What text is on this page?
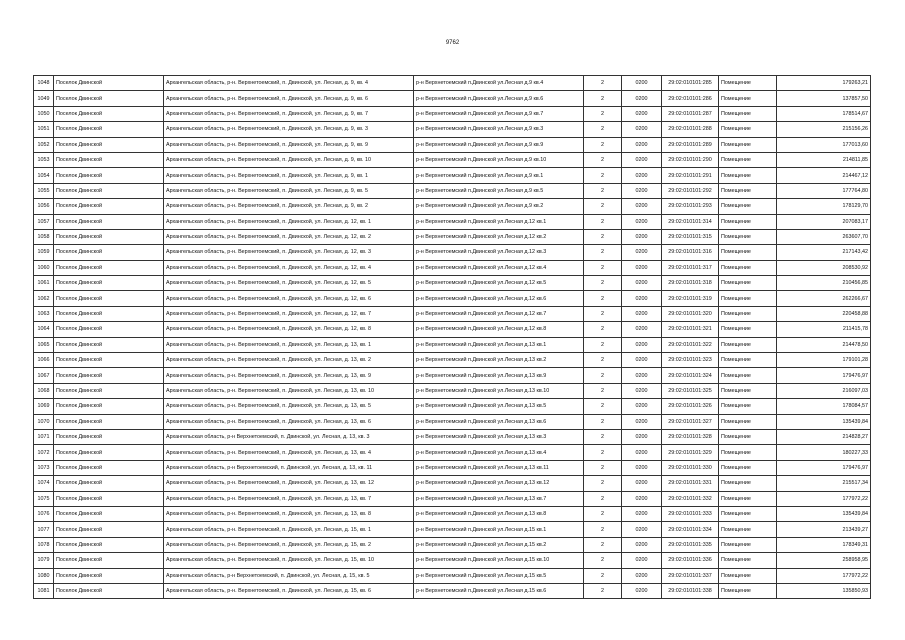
9762
1048	Поселок Двинской	Архангельская область, р-н. Верхнетоемский, п. Двинской, ул. Лесная, д. 9, кв. 4	р-н Верхнетоемский п.Двинской ул.Лесная д.9 кв.4	2	0200	29:02:010101:285	Помещение	179263,21
1049	Поселок Двинской	Архангельская область, р-н. Верхнетоемский, п. Двинской, ул. Лесная, д. 9, кв. 6	р-н Верхнетоемский п.Двинской ул.Лесная д.9 кв.6	2	0200	29:02:010101:286	Помещение	137857,50
1050	Поселок Двинской	Архангельская область, р-н. Верхнетоемский, п. Двинской, ул. Лесная, д. 9, кв. 7	р-н Верхнетоемский п.Двинской ул.Лесная д.9 кв.7	2	0200	29:02:010101:287	Помещение	178514,67
1051	Поселок Двинской	Архангельская область, р-н. Верхнетоемский, п. Двинской, ул. Лесная, д. 9, кв. 3	р-н Верхнетоемский п.Двинской ул.Лесная д.9 кв.3	2	0200	29:02:010101:288	Помещение	215156,26
1052	Поселок Двинской	Архангельская область, р-н. Верхнетоемский, п. Двинской, ул. Лесная, д. 9, кв. 9	р-н Верхнетоемский п.Двинской ул.Лесная д.9 кв.9	2	0200	29:02:010101:289	Помещение	177013,60
1053	Поселок Двинской	Архангельская область, р-н. Верхнетоемский, п. Двинской, ул. Лесная, д. 9, кв. 10	р-н Верхнетоемский п.Двинской ул.Лесная д.9 кв.10	2	0200	29:02:010101:290	Помещение	214811,85
1054	Поселок Двинской	Архангельская область, р-н. Верхнетоемский, п. Двинской, ул. Лесная, д. 9, кв. 1	р-н Верхнетоемский п.Двинской ул.Лесная д.9 кв.1	2	0200	29:02:010101:291	Помещение	214467,12
1055	Поселок Двинской	Архангельская область, р-н. Верхнетоемский, п. Двинской, ул. Лесная, д. 9, кв. 5	р-н Верхнетоемский п.Двинской ул.Лесная д.9 кв.5	2	0200	29:02:010101:292	Помещение	177764,80
1056	Поселок Двинской	Архангельская область, р-н. Верхнетоемский, п. Двинской, ул. Лесная, д. 9, кв. 2	р-н Верхнетоемский п.Двинской ул.Лесная д.9 кв.2	2	0200	29:02:010101:293	Помещение	178129,70
1057	Поселок Двинской	Архангельская область, р-н. Верхнетоемский, п. Двинской, ул. Лесная, д. 12, кв. 1	р-н Верхнетоемский п.Двинской ул.Лесная д.12 кв.1	2	0200	29:02:010101:314	Помещение	207083,17
1058	Поселок Двинской	Архангельская область, р-н. Верхнетоемский, п. Двинской, ул. Лесная, д. 12, кв. 2	р-н Верхнетоемский п.Двинской ул.Лесная д.12 кв.2	2	0200	29:02:010101:315	Помещение	263607,70
1059	Поселок Двинской	Архангельская область, р-н. Верхнетоемский, п. Двинской, ул. Лесная, д. 12, кв. 3	р-н Верхнетоемский п.Двинской ул.Лесная д.12 кв.3	2	0200	29:02:010101:316	Помещение	217143,42
1060	Поселок Двинской	Архангельская область, р-н. Верхнетоемский, п. Двинской, ул. Лесная, д. 12, кв. 4	р-н Верхнетоемский п.Двинской ул.Лесная д.12 кв.4	2	0200	29:02:010101:317	Помещение	208530,92
1061	Поселок Двинской	Архангельская область, р-н. Верхнетоемский, п. Двинской, ул. Лесная, д. 12, кв. 5	р-н Верхнетоемский п.Двинской ул.Лесная д.12 кв.5	2	0200	29:02:010101:318	Помещение	210456,85
1062	Поселок Двинской	Архангельская область, р-н. Верхнетоемский, п. Двинской, ул. Лесная, д. 12, кв. 6	р-н Верхнетоемский п.Двинской ул.Лесная д.12 кв.6	2	0200	29:02:010101:319	Помещение	262266,67
1063	Поселок Двинской	Архангельская область, р-н. Верхнетоемский, п. Двинской, ул. Лесная, д. 12, кв. 7	р-н Верхнетоемский п.Двинской ул.Лесная д.12 кв.7	2	0200	29:02:010101:320	Помещение	220458,88
1064	Поселок Двинской	Архангельская область, р-н. Верхнетоемский, п. Двинской, ул. Лесная, д. 12, кв. 8	р-н Верхнетоемский п.Двинской ул.Лесная д.12 кв.8	2	0200	29:02:010101:321	Помещение	211415,78
1065	Поселок Двинской	Архангельская область, р-н. Верхнетоемский, п. Двинской, ул. Лесная, д. 13, кв. 1	р-н Верхнетоемский п.Двинской ул.Лесная д.13 кв.1	2	0200	29:02:010101:322	Помещение	214478,50
1066	Поселок Двинской	Архангельская область, р-н. Верхнетоемский, п. Двинской, ул. Лесная, д. 13, кв. 2	р-н Верхнетоемский п.Двинской ул.Лесная д.13 кв.2	2	0200	29:02:010101:323	Помещение	179101,28
1067	Поселок Двинской	Архангельская область, р-н. Верхнетоемский, п. Двинской, ул. Лесная, д. 13, кв. 9	р-н Верхнетоемский п.Двинской ул.Лесная д.13 кв.9	2	0200	29:02:010101:324	Помещение	179476,97
1068	Поселок Двинской	Архангельская область, р-н. Верхнетоемский, п. Двинской, ул. Лесная, д. 13, кв. 10	р-н Верхнетоемский п.Двинской ул.Лесная д.13 кв.10	2	0200	29:02:010101:325	Помещение	216097,03
1069	Поселок Двинской	Архангельская область, р-н. Верхнетоемский, п. Двинской, ул. Лесная, д. 13, кв. 5	р-н Верхнетоемский п.Двинской ул.Лесная д.13 кв.5	2	0200	29:02:010101:326	Помещение	178084,57
1070	Поселок Двинской	Архангельская область, р-н. Верхнетоемский, п. Двинской, ул. Лесная, д. 13, кв. 6	р-н Верхнетоемский п.Двинской ул.Лесная д.13 кв.6	2	0200	29:02:010101:327	Помещение	135439,84
1071	Поселок Двинской	Архангельская область, р-н Верхнетоемский, п. Двинской, ул. Лесная, д. 13, кв. 3	р-н Верхнетоемский п.Двинской ул.Лесная д.13 кв.3	2	0200	29:02:010101:328	Помещение	214828,27
1072	Поселок Двинской	Архангельская область, р-н. Верхнетоемский, п. Двинской, ул. Лесная, д. 13, кв. 4	р-н Верхнетоемский п.Двинской ул.Лесная д.13 кв.4	2	0200	29:02:010101:329	Помещение	180227,33
1073	Поселок Двинской	Архангельская область, р-н Верхнетоемский, п. Двинской, ул. Лесная, д. 13, кв. 11	р-н Верхнетоемский п.Двинской ул.Лесная д.13 кв.11	2	0200	29:02:010101:330	Помещение	179476,97
1074	Поселок Двинской	Архангельская область, р-н. Верхнетоемский, п. Двинской, ул. Лесная, д. 13, кв. 12	р-н Верхнетоемский п.Двинской ул.Лесная д.13 кв.12	2	0200	29:02:010101:331	Помещение	215517,34
1075	Поселок Двинской	Архангельская область, р-н. Верхнетоемский, п. Двинской, ул. Лесная, д. 13, кв. 7	р-н Верхнетоемский п.Двинской ул.Лесная д.13 кв.7	2	0200	29:02:010101:332	Помещение	177972,22
1076	Поселок Двинской	Архангельская область, р-н. Верхнетоемский, п. Двинской, ул. Лесная, д. 13, кв. 8	р-н Верхнетоемский п.Двинской ул.Лесная д.13 кв.8	2	0200	29:02:010101:333	Помещение	135439,84
1077	Поселок Двинской	Архангельская область, р-н. Верхнетоемский, п. Двинской, ул. Лесная, д. 15, кв. 1	р-н Верхнетоемский п.Двинской ул.Лесная д.15 кв.1	2	0200	29:02:010101:334	Помещение	213439,27
1078	Поселок Двинской	Архангельская область, р-н. Верхнетоемский, п. Двинской, ул. Лесная, д. 15, кв. 2	р-н Верхнетоемский п.Двинской ул.Лесная д.15 кв.2	2	0200	29:02:010101:335	Помещение	178349,31
1079	Поселок Двинской	Архангельская область, р-н. Верхнетоемский, п. Двинской, ул. Лесная, д. 15, кв. 10	р-н Верхнетоемский п.Двинской ул.Лесная д.15 кв.10	2	0200	29:02:010101:336	Помещение	258958,95
1080	Поселок Двинской	Архангельская область, р-н Верхнетоемский, п. Двинской, ул. Лесная, д. 15, кв. 5	р-н Верхнетоемский п.Двинской ул.Лесная д.15 кв.5	2	0200	29:02:010101:337	Помещение	177972,22
1081	Поселок Двинской	Архангельская область, р-н. Верхнетоемский, п. Двинской, ул. Лесная, д. 15, кв. 6	р-н Верхнетоемский п.Двинской ул.Лесная д.15 кв.6	2	0200	29:02:010101:338	Помещение	135850,93
